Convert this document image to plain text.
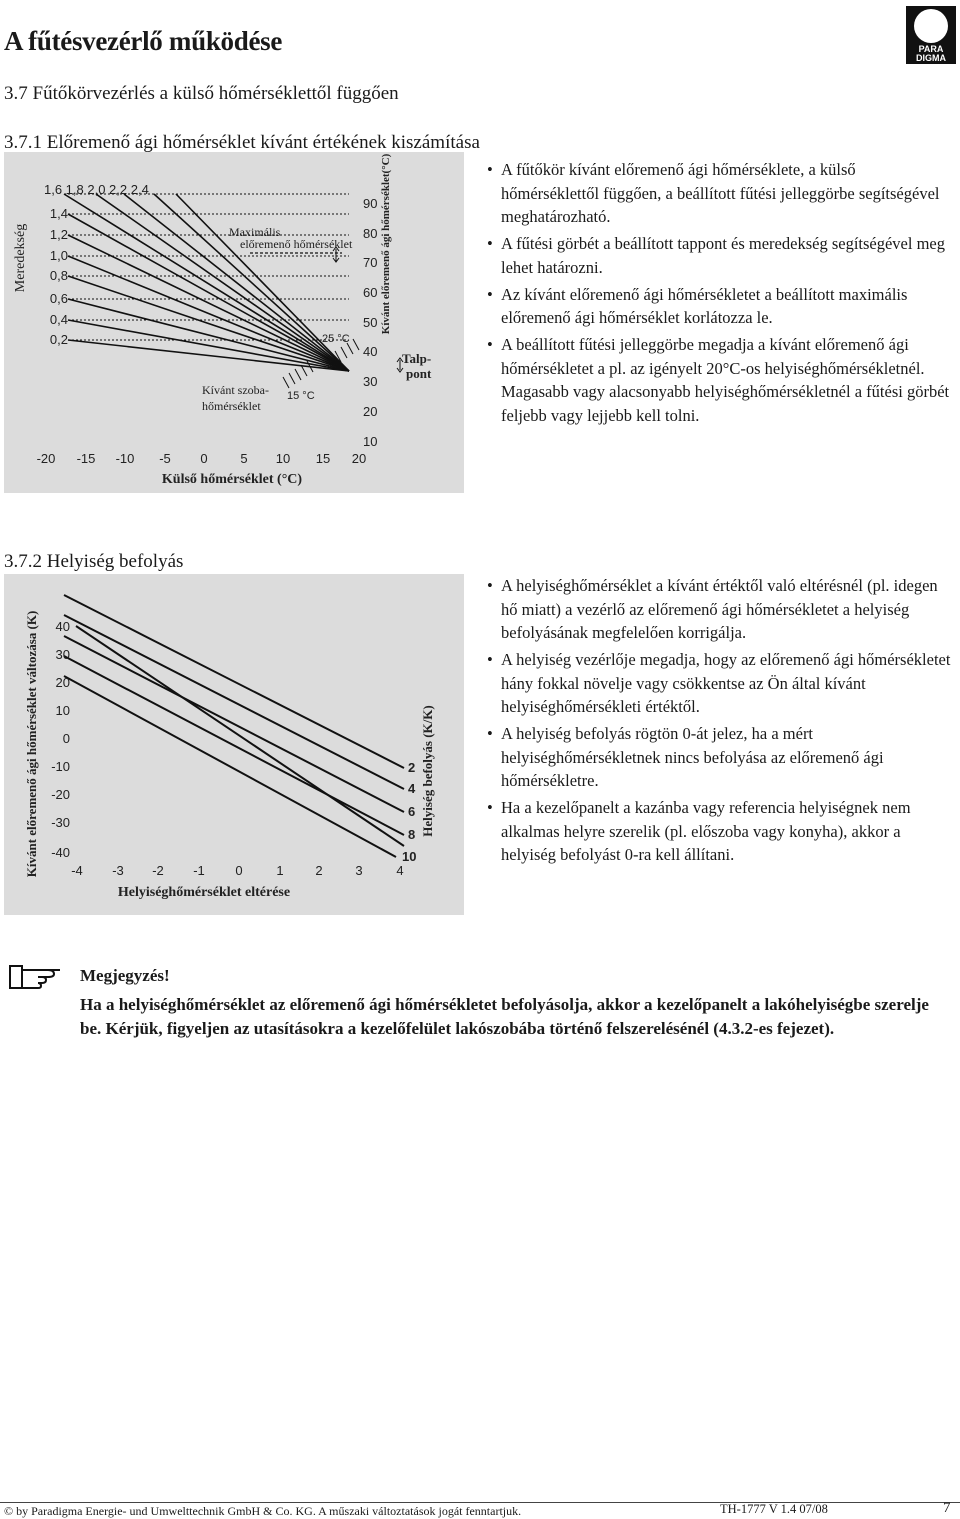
A fűtésvezérlő működése	PARA
DIGMA
3.7 Fűtőkörvezérlés a külső hőmérséklettől függően
3.7.1 Előremenő ági hőmérséklet kívánt értékének kiszámítása
Meredekség
1,6 1,8 2,0 2,2 2,4
1,4
1,2
1,0
0,8
0,6
0,4
0,2
Maximális
előremenő hőmérséklet
Kívánt szoba-
hőmérséklet
25 °C
15 °C
90
80
70
60
50
40
30
20
10
Kívánt előremenő ági hőmérséklet(°C)
Talp-
pont
-20 -15 -10 -5 0	5 10 15 20
Külső hőmérséklet (°C)
• A fűtőkör kívánt előremenő ági hőmérséklete, a külső hőmérséklettől függően, a beállított fűtési jelleggörbe segítségével meghatározható.
• A fűtési görbét a beállított tappont és meredekség segítségével meg lehet határozni.
• Az kívánt előremenő ági hőmérsékletet a beállított maximális előremenő ági hőmérséklet korlátozza le.
• A beállított fűtési jelleggörbe megadja a kívánt előremenő ági hőmérsékletet a pl. az igényelt 20°C-os helyiséghőmérsékletnél. Magasabb vagy alacsonyabb helyiséghőmérsékletnél a fűtési görbét feljebb vagy lejjebb kell tolni.
3.7.2 Helyiség befolyás
Kívánt előremenő ági hőmérséklet változása (K) 40
30
20
10
0
-10
-20
-30
-40
-4 -3 -2 -1 0	1 2	3	4
Helyiséghőmérséklet eltérése
2
4
6
8
10
Helyiség befolyás (K/K)
• A helyiséghőmérséklet a kívánt értéktől való eltérésnél (pl. idegen hő miatt) a vezérlő az előremenő ági hőmérsékletet a helyiség befolyásának megfelelően korrigálja.
• A helyiség vezérlője megadja, hogy az előremenő ági hőmérsékletet hány fokkal növelje vagy csökkentse az Ön által kívánt helyiséghőmérsékleti értéktől.
• A helyiség befolyás rögtön 0-át jelez, ha a mért helyiséghőmérsékletnek nincs befolyása az előremenő ági hőmérsékletre.
• Ha a kezelőpanelt a kazánba vagy referencia helyiségnek nem alkalmas helyre szerelik (pl. előszoba vagy konyha), akkor a helyiség befolyást 0-ra kell állítani.
Megjegyzés!
Ha a helyiséghőmérséklet az előremenő ági hőmérsékletet befolyásolja, akkor a kezelőpanelt a lakóhelyiségbe szerelje be. Kérjük, figyeljen az utasításokra a kezelőfelület lakószobába történő felszerelésénél (4.3.2-es fejezet).
© by Paradigma Energie- und Umwelttechnik GmbH & Co. KG. A műszaki változtatások jogát fenntartjuk.	TH-1777 V 1.4 07/08	7
